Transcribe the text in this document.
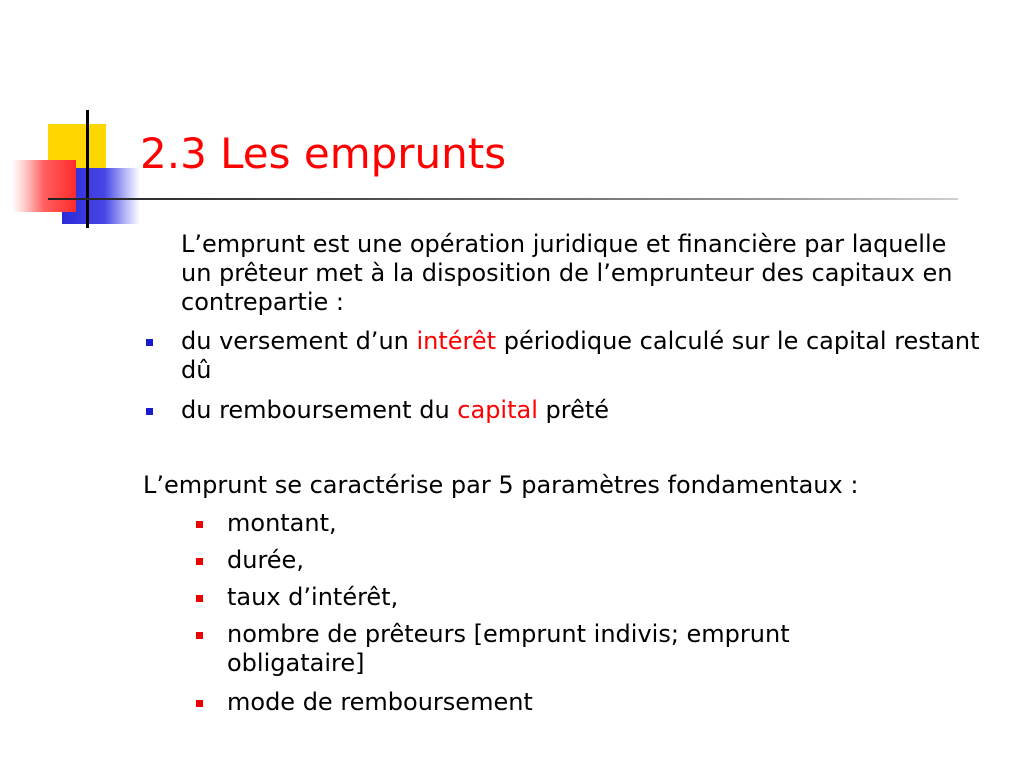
2.3 Les emprunts

L’emprunt est une opération juridique et financière par laquelle un prêteur met à la disposition de l’emprunteur des capitaux en contrepartie :

du versement d’un intérêt périodique calculé sur le capital restant dû

du remboursement du capital prêté

L’emprunt se caractérise par 5 paramètres fondamentaux :

montant,

durée,

taux d’intérêt,

nombre de prêteurs [emprunt indivis; emprunt obligataire]

mode de remboursement
